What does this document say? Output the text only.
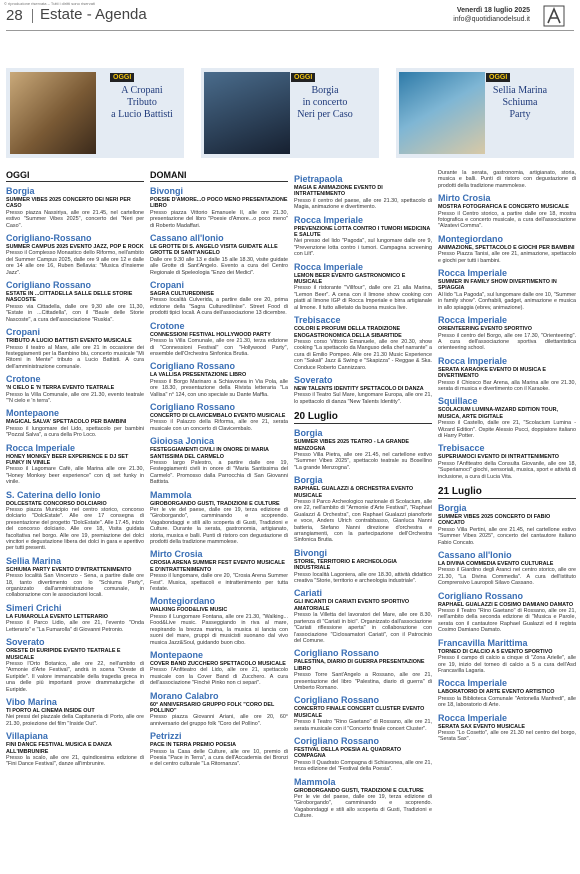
© riproduzione riservata – Tutti i diritti sono riservati
28 Estate - Agenda	Venerdì 18 luglio 2025
info@quotidianodelsud.it
OGGI
A Cropani
Tributo
a Lucio Battisti
OGGI
Borgia
in concerto
Neri per Caso
OGGI
Sellia Marina
Schiuma
Party
OGGI
Borgia
SUMMER VIBES 2025 CONCERTO DEI NERI PER CASO
Presso piazza Nassiriya, alle ore 21.45, nel cartellone estivo "Summer Vibes 2025", concerto dei "Neri per Caso".
Corigliano-Rossano
SUMMER CAMPUS 2025 EVENTO JAZZ, POP E ROCK
Presso il Complesso Monastico dello Riformo, nell'ambito del Summer Campus 2025, dalle ore 9 alle ore 12 e dalle ore 14 alle ore 16, Ruben Bellavia: "Musica d'insieme Jazz".
Corigliano Rossano
ESTATE IN ...CITTADELLA SALLE DELLE STORIE NASCOSTE
Presso via Cittadella, dalle ore 9,30 alle ore 11,30, "Estate in ...Cittadella", con il "Baule delle Storie Nascoste", a cura dell'associazione "Ruskia".
Cropani
TRIBUTO A LUCIO BATTISTI EVENTO MUSICALE
Presso il teatro al Mare, alle ore 21 in occasione dei festeggiamenti per la Bambino blu, concerto musicale "Mi Ritorni in Mente" tributo a Lucio Battisti. A cura dell'amministrazione comunale.
Crotone
'N CIELO E 'N TERRA EVENTO TEATRALE
Presso la Villa Comunale, alle ore 21.30, evento teatrale "'N cielo e 'n terra".
Montepaone
MAGICAL SALVA' SPETTACOLO PER BAMBINI
Presso il lungomare del Lido, spettacolo per bambini "Pozzal Salva", a cura della Pro Loco.
Rocca Imperiale
HONEY MONKEY BEER EXPERIENCE E DJ SET FUNKY IN VINILE
Presso il Lagomare Cafè, alle Marina alle ore 21.30, "Honey Monkey beer experience" con dj set funky in vinile.
S. Caterina dello Ionio
DOLCESTATE CONCORSO DOLCIARIO
Presso piazza Municipio nel centro storico, concorso dolciario "DolcEstate". Alle ore 17 consegna di presentazione del progetto "DolcEstate". Alle 17.45, inizio del concorso dolciario. Alle ore 18, Visita guidata facoltativa nel borgo. Alle ore 19, premiazione dei dolci vincitori e degustazione libera dei dolci in gara e aperitivo per tutti presenti.
Sellia Marina
SCHIUMA PARTY EVENTO D'INTRATTENIMENTO
Presso località San Vincenzo - Sena, a partire dalle ore 18, tanto divertimento con lo "Schiuma Party", organizzato dall'amministrazione comunale, in collaborazione con le associazioni locali.
Simeri Crichi
LA FUMAROLLA EVENTO LETTERARIO
Presso il Parco Lidio, alle ore 21, l'evento "Onda Letterario" e "La Fumarolla" di Giovanni Petronio.
Soverato
ORESTE DI EURIPIDE EVENTO TEATRALE E MUSICALE
Presso l'Orto Botanico, alle ore 22, nell'ambito di "Armonie d'Arte Festival", andrà in scena "Oreste di Euripide". Il valore immancabile della tragedia greca in una delle più importanti prove drammaturgiche di Euripide.
Vibo Marina
TI PORTO AL CINEMA INSIDE OUT
Nei pressi del piazzale della Capitaneria di Porto, alle ore 21.30, proiezione del film "Inside Out".
Villapiana
FINI DANCE FESTIVAL MUSICA E DANZA ALL'IMBRUNIRE
Presso la scalo, alle ore 21, quindicesima edizione di "Fini Dance Festival", danze all'imbrunire.
DOMANI
Bivongi
POESIE D'AMORE...O POCO MENO PRESENTAZIONE LIBRO
Presso piazza Vittorio Emanuele II, alle ore 21.30, presentazione del libro "Poesie d'Amore...o poco meno" di Roberto Madaffari.
Cassano all'Ionio
LE GROTTE DI S. ANGELO VISITA GUIDATE ALLE GROTTE DI SANT'ANGELO
Dalle ore 9.30 alle 13 e dalle 15 alle 18.30, visite guidate alle Grotte di Sant'Angelo. Evento a cura del Centro Regionale di Speleologia "Enzo dei Medici".
Cropani
SAGRA CULTUREDINISE
Presso località Culverida, a partire dalle ore 20, prima edizione della "Sagra Culturedilinise". Street Food di prodotti tipici locali. A cura dell'associazione 13 dicembre.
Crotone
CONNESSIONI FESTIVAL HOLLYWOOD PARTY
Presso la Villa Comunale, alle ore 21.30, terza edizione di "Connessioni Festival" con "Hollywood Party", ensemble dell'Orchestra Sinfonica Brutia.
Corigliano Rossano
LA VALLISA PRESENTAZIONE LIBRO
Presso il Borgo Marinaro a Schiavonea in Via Pola, alle ore 18.30, presentazione della Rivista letteraria "La Vallisa" n° 124, con uno speciale su Dante Maffia.
Corigliano Rossano
CONCERTO DI CLAVICEMBALO EVENTO MUSICALE
Presso il Palazzo della Riforma, alle ore 21, serata musicale con un concerto di Clavicembalo.
Gioiosa Jonica
FESTEGGIAMENTI CIVILI IN ONORE DI MARIA SANTISSIMA DEL CARMELO
Presso largo Palestro, a partire dalle ore 19, Festeggiamenti civili in onore di "Maria Santissima del Carmelo". Promosso dalla Parrocchia di San Giovanni Battista.
Mammola
GIROBORGANDO GUSTI, TRADIZIONI E CULTURE
Per le vie del paese, dalle ore 19, terza edizione di "Giroborgando", camminando e scoprendo. Vagabondaggi e stili allo scoperta di Gusti, Tradizioni e Culture. Durante la serata, gastronomia, artigianato, storia, musica e balli. Punti di ristoro con degustazione di prodotti della tradizione mammolese.
Mirto Crosia
CROSIA ARENA SUMMER FEST EVENTO MUSICALE E D'INTRATTENIMENTO
Presso il lungomare, dalle ore 20, "Crosia Arena Summer Fest". Musica, spettacoli e intrattenimento per tutta l'estate.
Montegiordano
WALKING FOOD&LIVE MUSIC
Presso il Lungomare Fontana, alle ore 21.30, "Walking... Food&Live music. Passeggiando in riva al mare, respirando la brezza marina, la musica si lancia con suoni del mare, gruppi di musicisti suonano dal vivo musica Jazz&Soul, guidando buon cibo.
Montepaone
COVER BAND ZUCCHERO SPETTACOLO MUSICALE
Presso l'Anfiteatro del Lido, alle ore 21, spettacolo musicale con la Cover Band di Zucchero. A cura dell'associazione "Finché Pinko non ci separi".
Morano Calabro
60° ANNIVERSARIO GRUPPO FOLK "CORO DEL POLLINO"
Presso piazza Giovanni Ariani, alle ore 20, 60° anniversario del gruppo folk "Coro del Pollino".
Petrizzi
PACE IN TERRA PREMIO POESIA
Presso la Casa delle Culture, alle ore 10, premio di Poesia "Pace in Terra", a cura dell'Accademia dei Bronzi e del centro culturale "La Ritornanza".
Pietrapaola
MAGIA E ANIMAZIONE EVENTO DI INTRATTENIMENTO
Presso il centro del paese, alle ore 21.30, spettacolo di Magia, animazione e divertimento.
Rocca Imperiale
PREVENZIONE LOTTA CONTRO I TUMORI MEDICINA E SALUTE
Nei presso del lido "Pagoda", sul lungomare dalle ore 9, "Prevenzione lotta contro i tumori. Campagna screening con Lilt".
Rocca Imperiale
LEMON BEER EVENTO GASTRONOMICO E MUSICALE
Presso il ristorante "Villfour", dalle ore 21 alla Marina, "Lemon Beer". A cena con il limone show cooking con piatti al limone IGP di Rocca Imperiale e birra artigianale al limone. Il tutto allietato da buona musica live.
Trebisacce
COLORI E PROFUMI DELLA TRADIZIONE ENOGASTRONOMICA DELLA SIBARITIDE
Presso corso Vittorio Emanuele, alle ore 20.30, show cooking "La spettacolo da Manguso della chef narrante" a cura di Emilio Pompeo. Alle ore 21.30 Music Experience con "Sakali" Jazz & Swing e "Skapizza" - Reggae & Ska. Conduce Roberto Cannizzaro.
Soverato
NEW TALENTS IDENTITY SPETTACOLO DI DANZA
Presso il Teatro Sul Mare, lungomare Europa, alle ore 21, lo spettacolo di danza "New Talents Identity".
20 Luglio
Borgia
SUMMER VIBES 2025 TEATRO - LA GRANDE MENZOGNA
Presso Villa Pietra, alle ore 21.45, nel cartellone estivo "Summer Vibes 2025", spettacolo teatrale su Bosellino "La grande Menzogna".
Borgia
RAPHAEL GUALAZZI & ORCHESTRA EVENTO MUSICALE
Presso il Parco Archeologico nazionale di Scolacium, alle ore 22, nell'ambito di "Armonie d'Arte Festival", "Raphael Gualazzi & Orchestra", con Raphael Gualazzi pianoforte e voce, Anders Ulrich contrabbasso, Gianluca Nanni batteria, Stefano Nanni direzione d'orchestra e arrangiamenti, con la partecipazione dell'Orchestra Sinfonica Brutia.
Bivongi
STORIE, TERRITORIO E ARCHEOLOGIA INDUSTRIALE
Presso località Lagoniera, alle ore 18.30, attività didattico creativa "Storie, territorio e archeologia industriale".
Cariati
GLI INCANTI DI CARIATI EVENTO SPORTIVO AMATORIALE
Presso la Villetta del lavoratori del Mare, alle ore 8.30, partenza di "Cariati in bici". Organizzato dall'associazione "Cariati riflessione aperta" in collaborazione con l'associazione "Ciclosamatori Cariati", con il Patrocinio del Comune.
Corigliano Rossano
PALESTINA, DIARIO DI GUERRA PRESENTAZIONE LIBRO
Presso Torre Sant'Angelo a Rossano, alle ore 21, presentazione del libro "Palestina, diario di guerra" di Umberto Romano.
Corigliano Rossano
CONCERTO FINALE CONCERT CLUSTER EVENTO MUSICALE
Presso il Teatro "Rino Gaetano" di Rossano, alle ore 21, serata musicale con il "Concerto finale concert Cluster".
Corigliano Rossano
FESTIVAL DELLA POESIA AL QUADRATO COMPAGNA
Presso Il Quadrato Compagna di Schiavonea, alle ore 21, terza edizione del "Festival della Poesia".
Mammola
GIROBORGANDO GUSTI, TRADIZIONI E CULTURE
Per le vie del paese, dalle ore 19, terza edizione di "Giroborgando", camminando e scoprendo. Vagabondaggi e stili allo scoperta di Gusti, Tradizioni e Culture.
Durante la serata, gastronomia, artigianato, storia, musica e balli. Punti di ristoro con degustazione di prodotti della tradizione mammolese.
Mirto Crosia
MOSTRA FOTOGRAFICA E CONCERTO MUSICALE
Presso il Centro storico, a partire dalle ore 18, mostra fotografica e concerto musicale, a cura dell'associazione "Alzatevi Comma".
Montegiordano
ANIMAZIONE, SPETTACOLO E GIOCHI PER BAMBINI
Presso Piazza Tanisi, alle ore 21, animazione, spettacolo e giochi per tutti i bambini.
Rocca Imperiale
SUMMER IN FAMILY SHOW DIVERTIMENTO IN SPIAGGIA
Al lido "La Pagoda", sul lungomare dalle ore 10, "Summer in family show". Confrabili, gadget, animazione e musica in allo spiaggia (ebrev, animazione).
Rocca Imperiale
ORIENTEERING EVENTO SPORTIVO
Presso il centro del Borgo, alle ore 17.30, "Orienteering". A cura dell'associazione sportiva dilettantistica orienteering school.
Rocca Imperiale
SERATA KARAOKE EVENTO DI MUSICA E DIVERTIMENTO
Presso il Chiosco Bar Arena, alla Marina alle ore 21.30, serata di musica e divertimento con il Karaoke.
Squillace
SCOLACIUM LUMINA-WIZARD EDITION TOUR, MUSICA, ARTE DIGITALE
Presso il Castello, dalle ore 21, "Scolacium Lumina - Wizard Edition". Ospite Alessio Pucci, doppiatore italiano di Harry Potter.
Trebisacce
SUPERIAMOCI EVENTO DI INTRATTENIMENTO
Presso l'Anfiteatro della Consulta Giovanile, alle ore 18, "Superiamoci" giochi, sensoriali, musica, sport e attività di inclusione, a cura di Lucia Vita.
21 Luglio
Borgia
SUMMER VIBES 2025 CONCERTO DI FABIO CONCATO
Presso Villa Pertini, alle ore 21.45, nel cartellone estivo "Summer Vibes 2025", concerto del cantautore italiano Fabio Concato.
Cassano all'Ionio
LA DIVINA COMMEDIA EVENTO CULTURALE
Presso il Giardino degli Aranci nel centro storico, alle ore 21.30, "La Divina Commedia". A cura dell'istituto Comprensivo Lauropoli Silavo Cassano.
Corigliano Rossano
RAPHAEL GUALAZZI E COSIMO DAMIANO DAMATO
Presso il Teatro "Rino Gaetano" di Rossano, alle ore 21, nell'ambito della seconda edizione di "Musica e Parole, serata con il cantautore Raphael Gualazzi ed il regista Cosimo Damiano Damato.
Francavilla Marittima
TORNEO DI CALCIO A 5 EVENTO SPORTIVO
Presso il campo di calcio a cinque di "Zona Arielle", alle ore 19, inizio del torneo di calcio a 5 a cura dell'Asd Francavilla Lagaria.
Rocca Imperiale
LABORATORIO DI ARTE EVENTO ARTISTICO
Presso la Biblioteca Comunale "Antonella Manfredi", alle ore 18, laboratorio di Arte.
Rocca Imperiale
SERATA SAX EVENTO MUSICALE
Presso "Lo Cosetto", alle ore 21.30 nel centro del borgo, "Serata Sax".
